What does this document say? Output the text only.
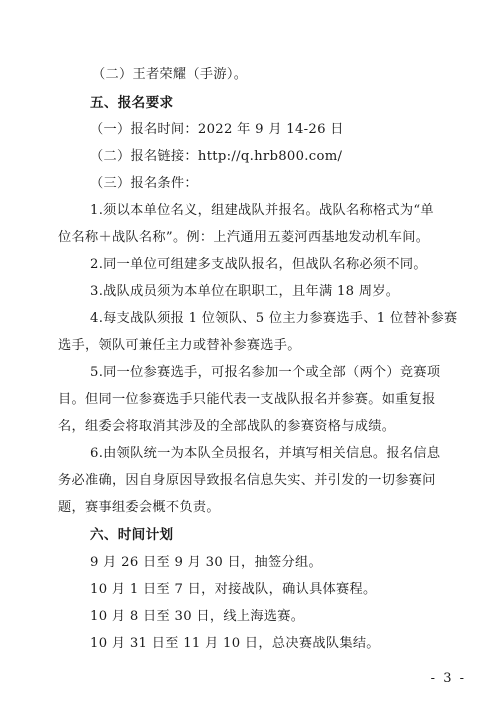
（二）王者荣耀（手游）。
五、报名要求
（一）报名时间：2022 年 9 月 14-26 日
（二）报名链接：http://q.hrb800.com/
（三）报名条件：
1.须以本单位名义，组建战队并报名。战队名称格式为“单
位名称＋战队名称”。例：上汽通用五菱河西基地发动机车间。
2.同一单位可组建多支战队报名，但战队名称必须不同。
3.战队成员须为本单位在职职工，且年满 18 周岁。
4.每支战队须报 1 位领队、5 位主力参赛选手、1 位替补参赛
选手，领队可兼任主力或替补参赛选手。
5.同一位参赛选手，可报名参加一个或全部（两个）竞赛项
目。但同一位参赛选手只能代表一支战队报名并参赛。如重复报
名，组委会将取消其涉及的全部战队的参赛资格与成绩。
6.由领队统一为本队全员报名，并填写相关信息。报名信息
务必准确，因自身原因导致报名信息失实、并引发的一切参赛问
题，赛事组委会概不负责。
六、时间计划
9 月 26 日至 9 月 30 日，抽签分组。
10 月 1 日至 7 日，对接战队，确认具体赛程。
10 月 8 日至 30 日，线上海选赛。
10 月 31 日至 11 月 10 日，总决赛战队集结。
- 3 -
